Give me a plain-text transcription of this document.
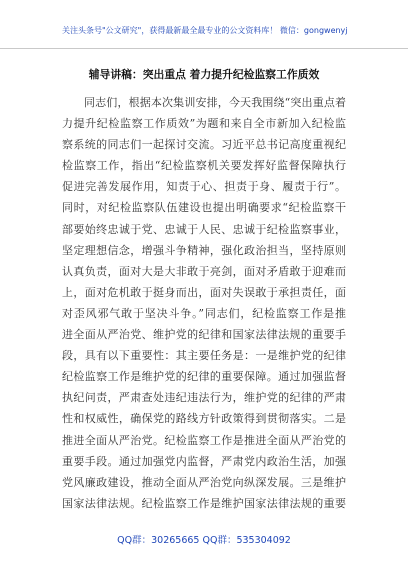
关注头条号"公文研究"，获得最新最全最专业的公文资料库！ 微信：gongwenyj
辅导讲稿：突出重点 着力提升纪检监察工作质效
同志们，根据本次集训安排，今天我围绕“突出重点着
力提升纪检监察工作质效”为题和来自全市新加入纪检监
察系统的同志们一起探讨交流。习近平总书记高度重视纪
检监察工作，指出“纪检监察机关要发挥好监督保障执行
促进完善发展作用，知责于心、担责于身、履责于行”。
同时，对纪检监察队伍建设也提出明确要求“纪检监察干
部要始终忠诚于党、忠诚于人民、忠诚于纪检监察事业，
坚定理想信念，增强斗争精神，强化政治担当，坚持原则
认真负责，面对大是大非敢于亮剑，面对矛盾敢于迎难而
上，面对危机敢于挺身而出，面对失误敢于承担责任，面
对歪风邪气敢于坚决斗争。”同志们，纪检监察工作是推
进全面从严治党、维护党的纪律和国家法律法规的重要手
段，具有以下重要性：其主要任务是：一是维护党的纪律
纪检监察工作是维护党的纪律的重要保障。通过加强监督
执纪问责，严肃查处违纪违法行为，维护党的纪律的严肃
性和权威性，确保党的路线方针政策得到贯彻落实。二是
推进全面从严治党。纪检监察工作是推进全面从严治党的
重要手段。通过加强党内监督，严肃党内政治生活，加强
党风廉政建设，推动全面从严治党向纵深发展。三是维护
国家法律法规。纪检监察工作是维护国家法律法规的重要
QQ群：30265665 QQ群：535304092
